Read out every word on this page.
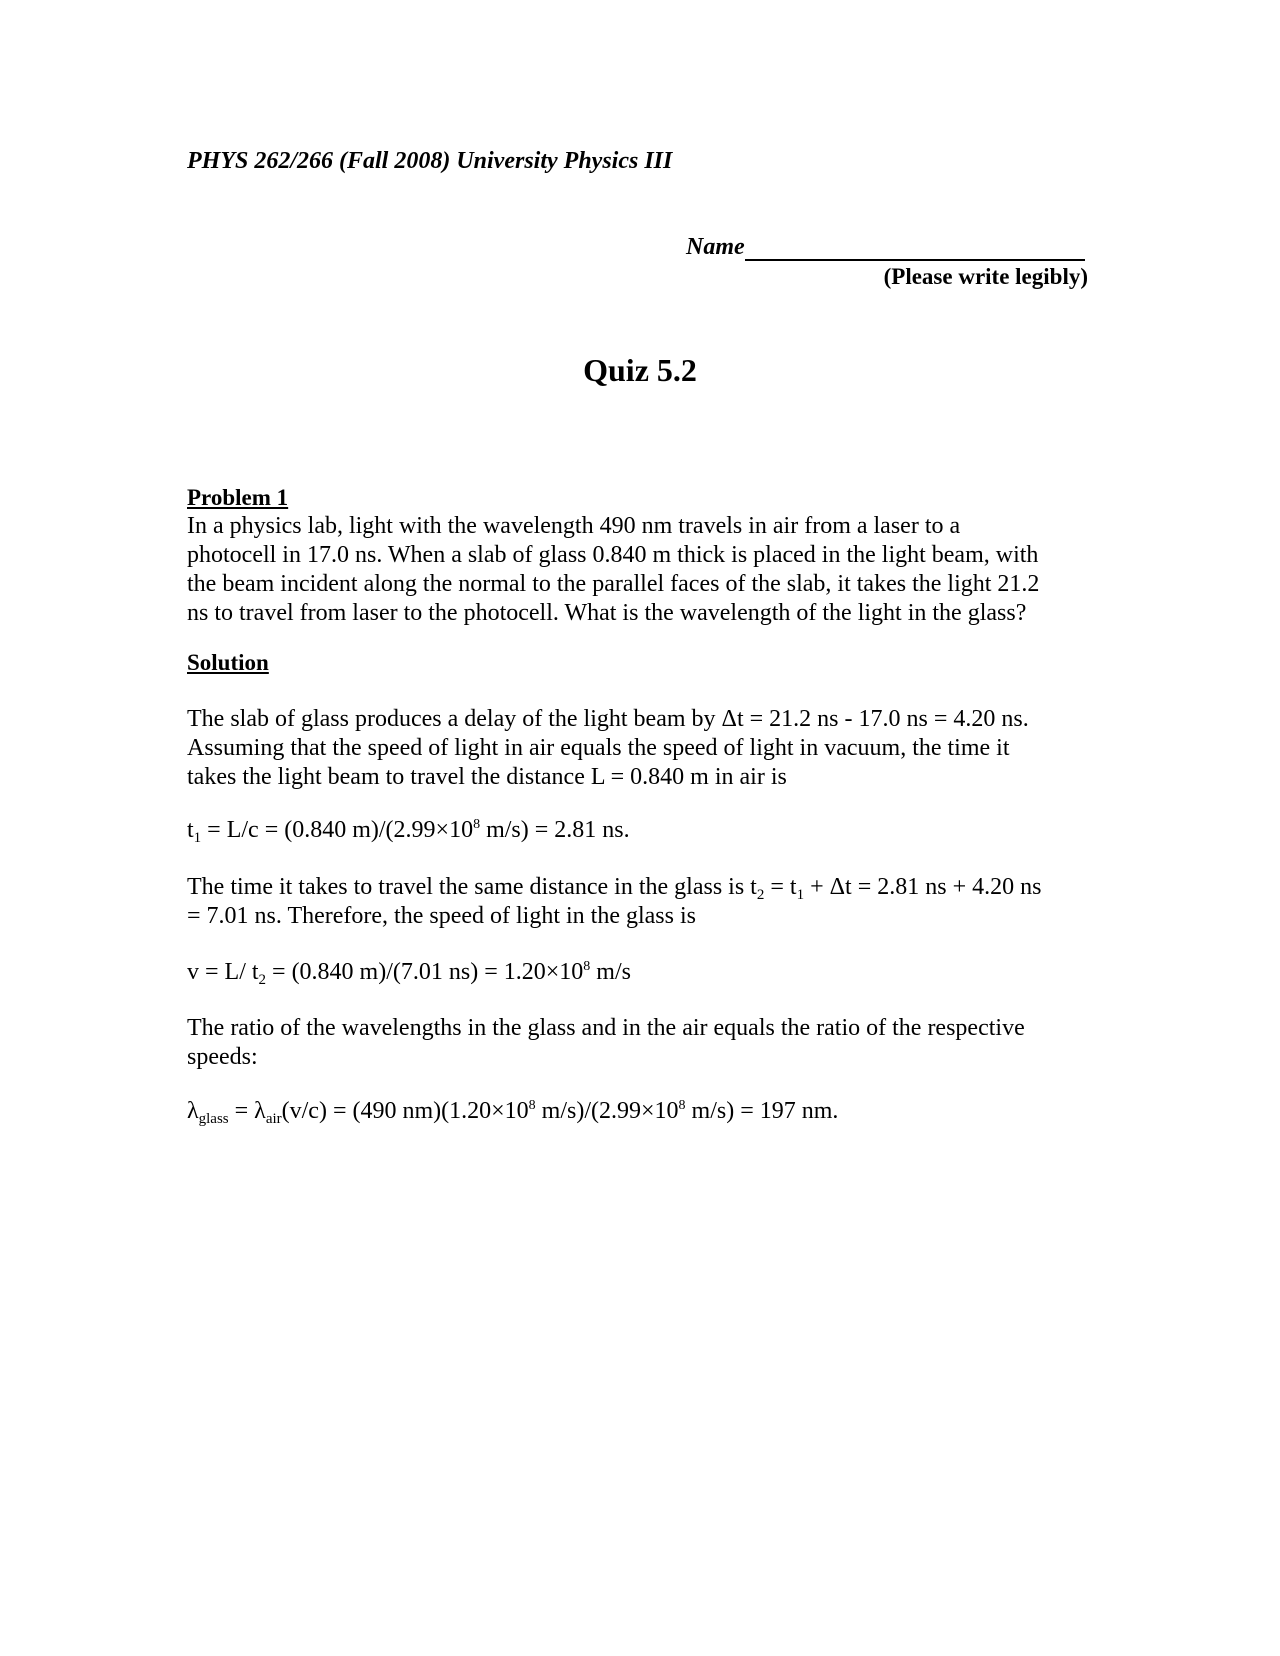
PHYS 262/266 (Fall 2008) University Physics III
Name
(Please write legibly)
Quiz 5.2
Problem 1
In a physics lab, light with the wavelength 490 nm travels in air from a laser to a
photocell in 17.0 ns. When a slab of glass 0.840 m thick is placed in the light beam, with
the beam incident along the normal to the parallel faces of the slab, it takes the light 21.2
ns to travel from laser to the photocell. What is the wavelength of the light in the glass?
Solution
The slab of glass produces a delay of the light beam by Δt = 21.2 ns - 17.0 ns = 4.20 ns.
Assuming that the speed of light in air equals the speed of light in vacuum, the time it
takes the light beam to travel the distance L = 0.840 m in air is
$t_1 = L/c = (0.840$ $m)/(2.99\times 10^8$ m/s) = 2.81 ns.
The time it takes to travel the same distance in the glass is $t_2 = t_1 + \Delta t = 2.81$ ns + 4.20 ns
= 7.01 ns. Therefore, the speed of light in the glass is
v = L/ $t_2 = (0.840$ m)/(7.01 $ns) = 1.20\times 10^8$ m/s
The ratio of the wavelengths in the glass and in the air equals the ratio of the respective
speeds:
$\lambda_{glass} = \lambda_{air}(v/c) = (490$ $nm)(1.20\times 10^8$ $m/s)/(2.99\times 10^8$ m/s) = 197 nm.
